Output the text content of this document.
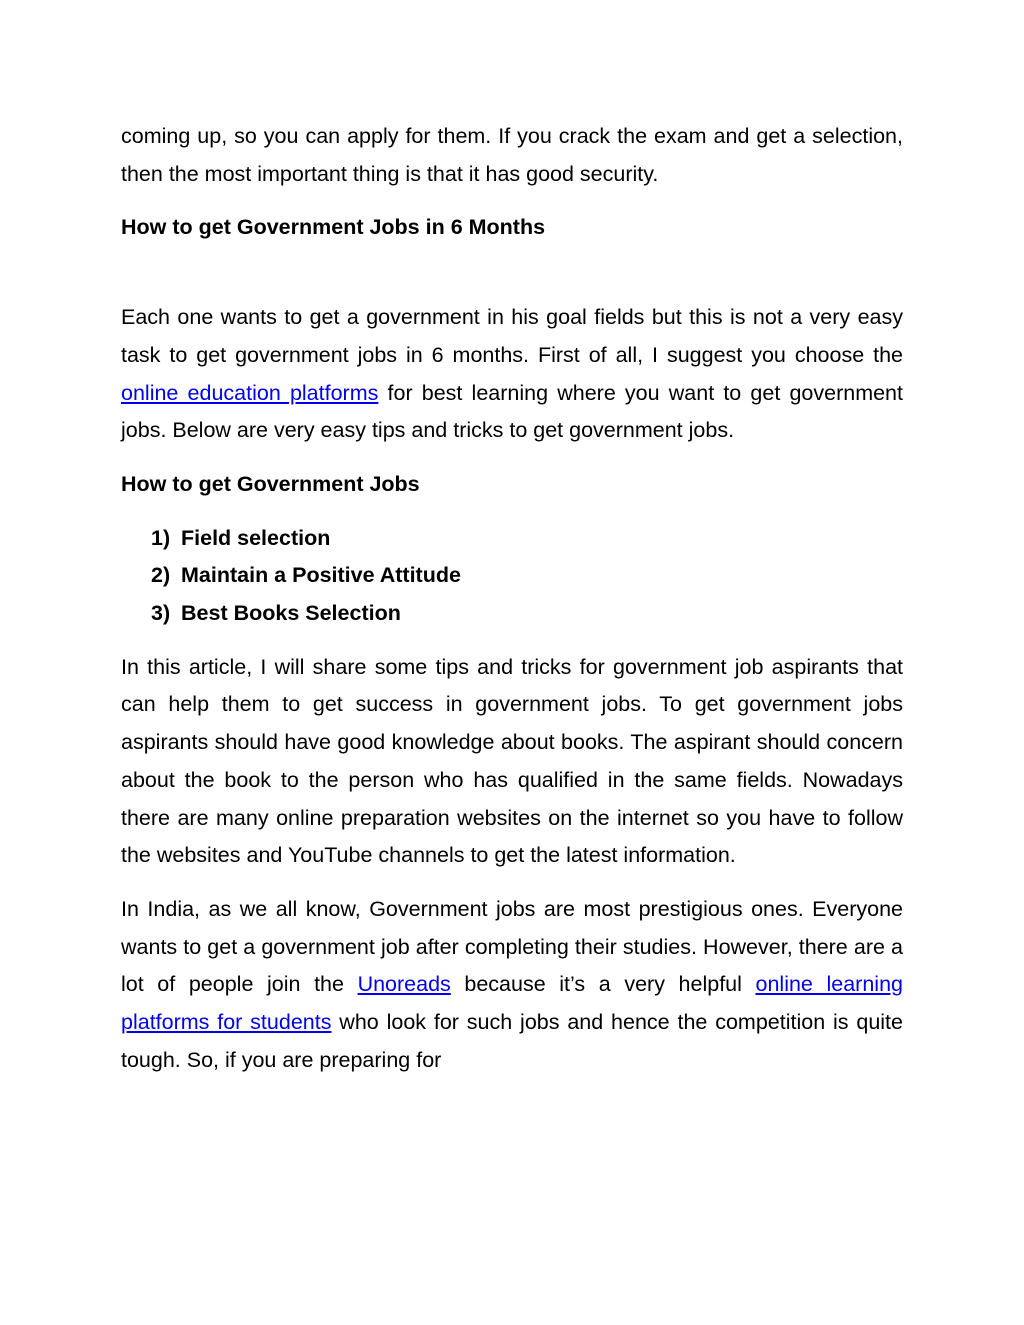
coming up, so you can apply for them. If you crack the exam and get a selection, then the most important thing is that it has good security.

How to get Government Jobs in 6 Months

Each one wants to get a government in his goal fields but this is not a very easy task to get government jobs in 6 months. First of all, I suggest you choose the online education platforms for best learning where you want to get government jobs. Below are very easy tips and tricks to get government jobs.

How to get Government Jobs

1) Field selection
2) Maintain a Positive Attitude
3) Best Books Selection

In this article, I will share some tips and tricks for government job aspirants that can help them to get success in government jobs. To get government jobs aspirants should have good knowledge about books. The aspirant should concern about the book to the person who has qualified in the same fields. Nowadays there are many online preparation websites on the internet so you have to follow the websites and YouTube channels to get the latest information.

In India, as we all know, Government jobs are most prestigious ones. Everyone wants to get a government job after completing their studies. However, there are a lot of people join the Unoreads because it’s a very helpful online learning platforms for students who look for such jobs and hence the competition is quite tough. So, if you are preparing for
